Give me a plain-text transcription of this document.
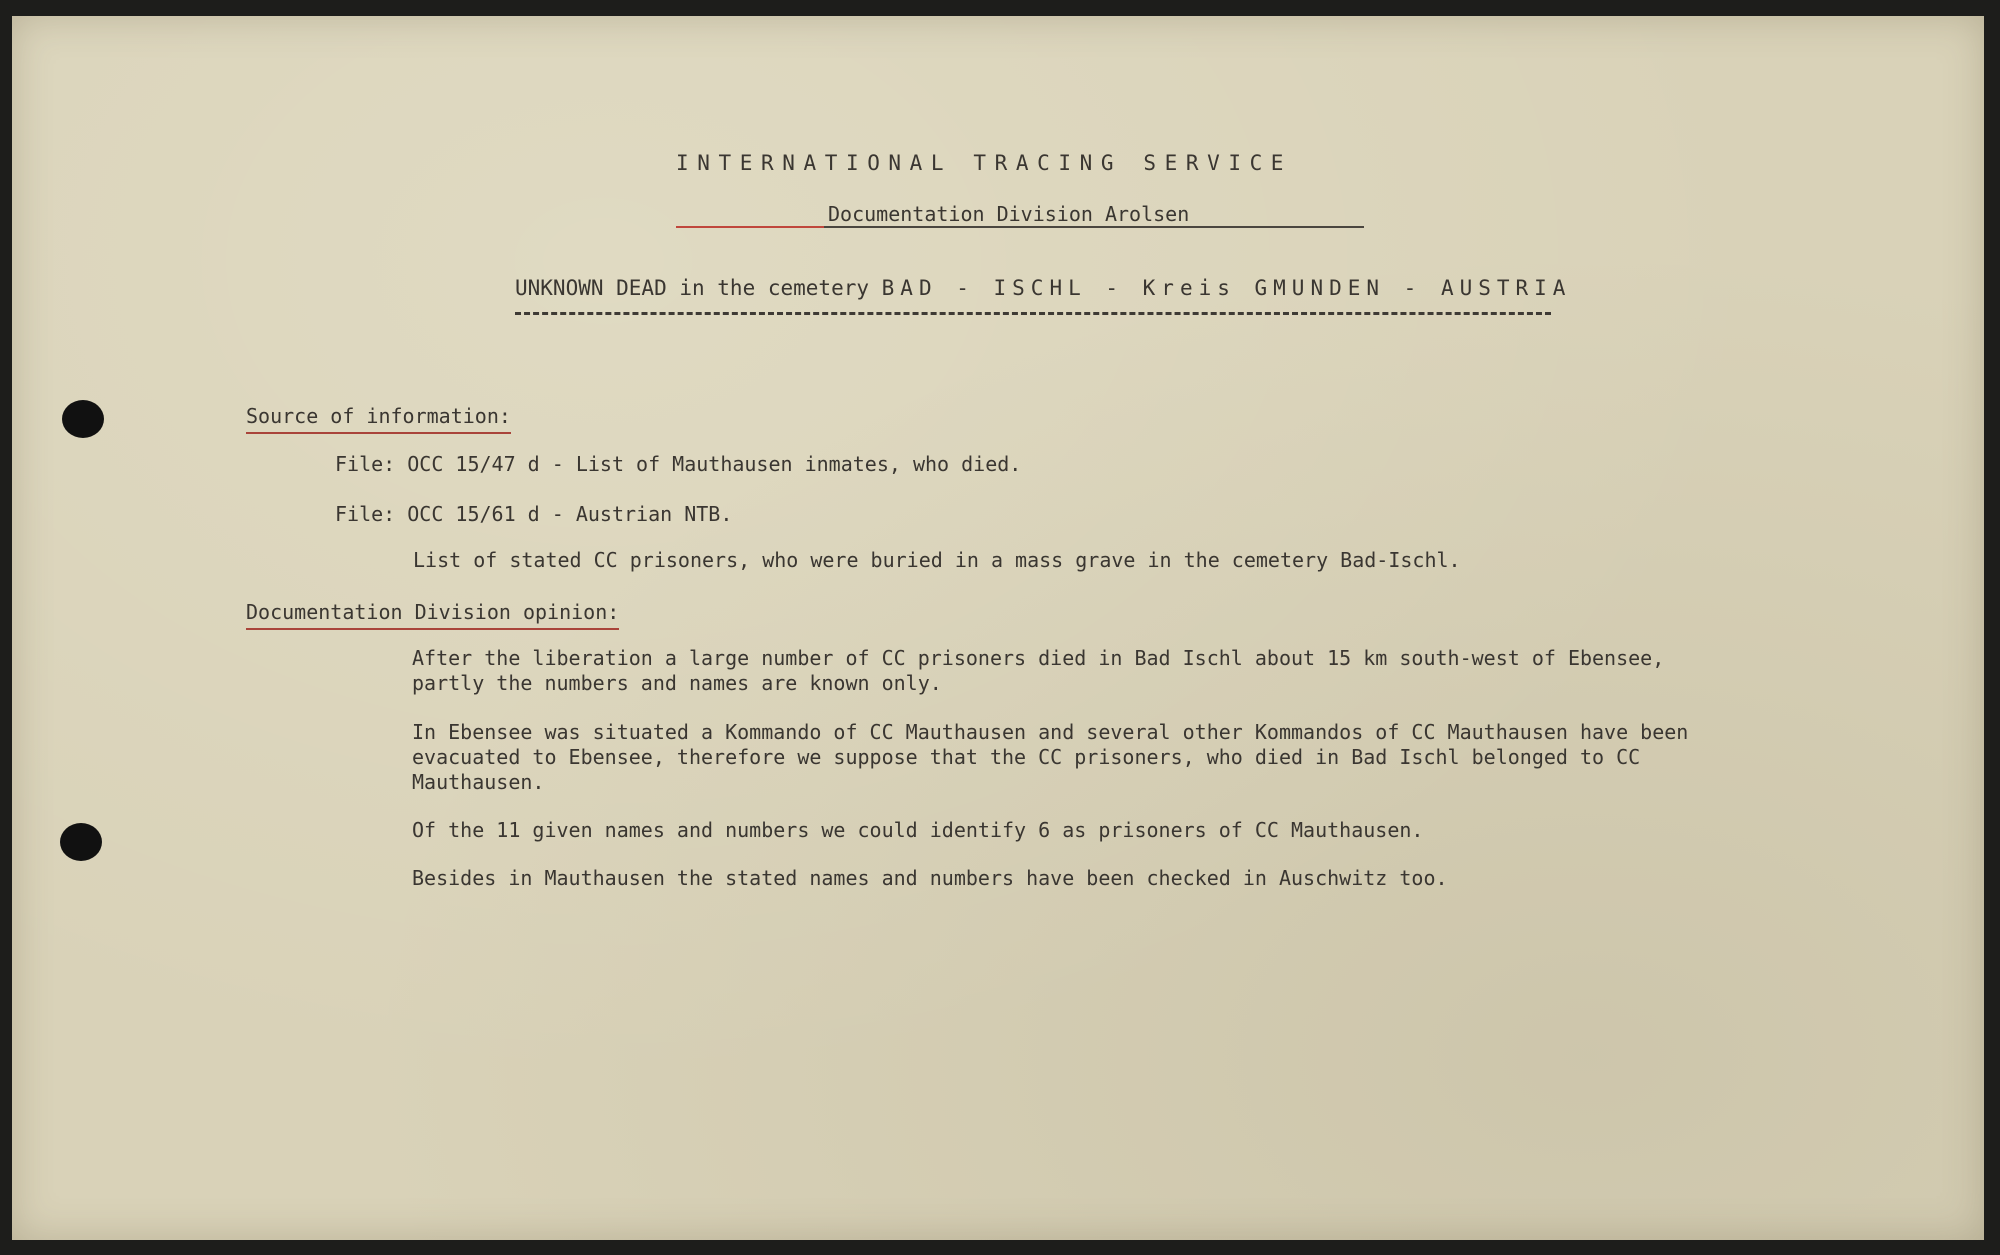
INTERNATIONAL TRACING SERVICE
Documentation Division Arolsen
UNKNOWN DEAD in the cemetery BAD - ISCHL - Kreis GMUNDEN - AUSTRIA
Source of information:
File: OCC 15/47 d - List of Mauthausen inmates, who died.
File: OCC 15/61 d - Austrian NTB.
List of stated CC prisoners, who were buried in a mass grave in the cemetery Bad-Ischl.
Documentation Division opinion:
After the liberation a large number of CC prisoners died in Bad Ischl about 15 km south-west of Ebensee,
partly the numbers and names are known only.
In Ebensee was situated a Kommando of CC Mauthausen and several other Kommandos of CC Mauthausen have been
evacuated to Ebensee, therefore we suppose that the CC prisoners, who died in Bad Ischl belonged to CC
Mauthausen.
Of the 11 given names and numbers we could identify 6 as prisoners of CC Mauthausen.
Besides in Mauthausen the stated names and numbers have been checked in Auschwitz too.
